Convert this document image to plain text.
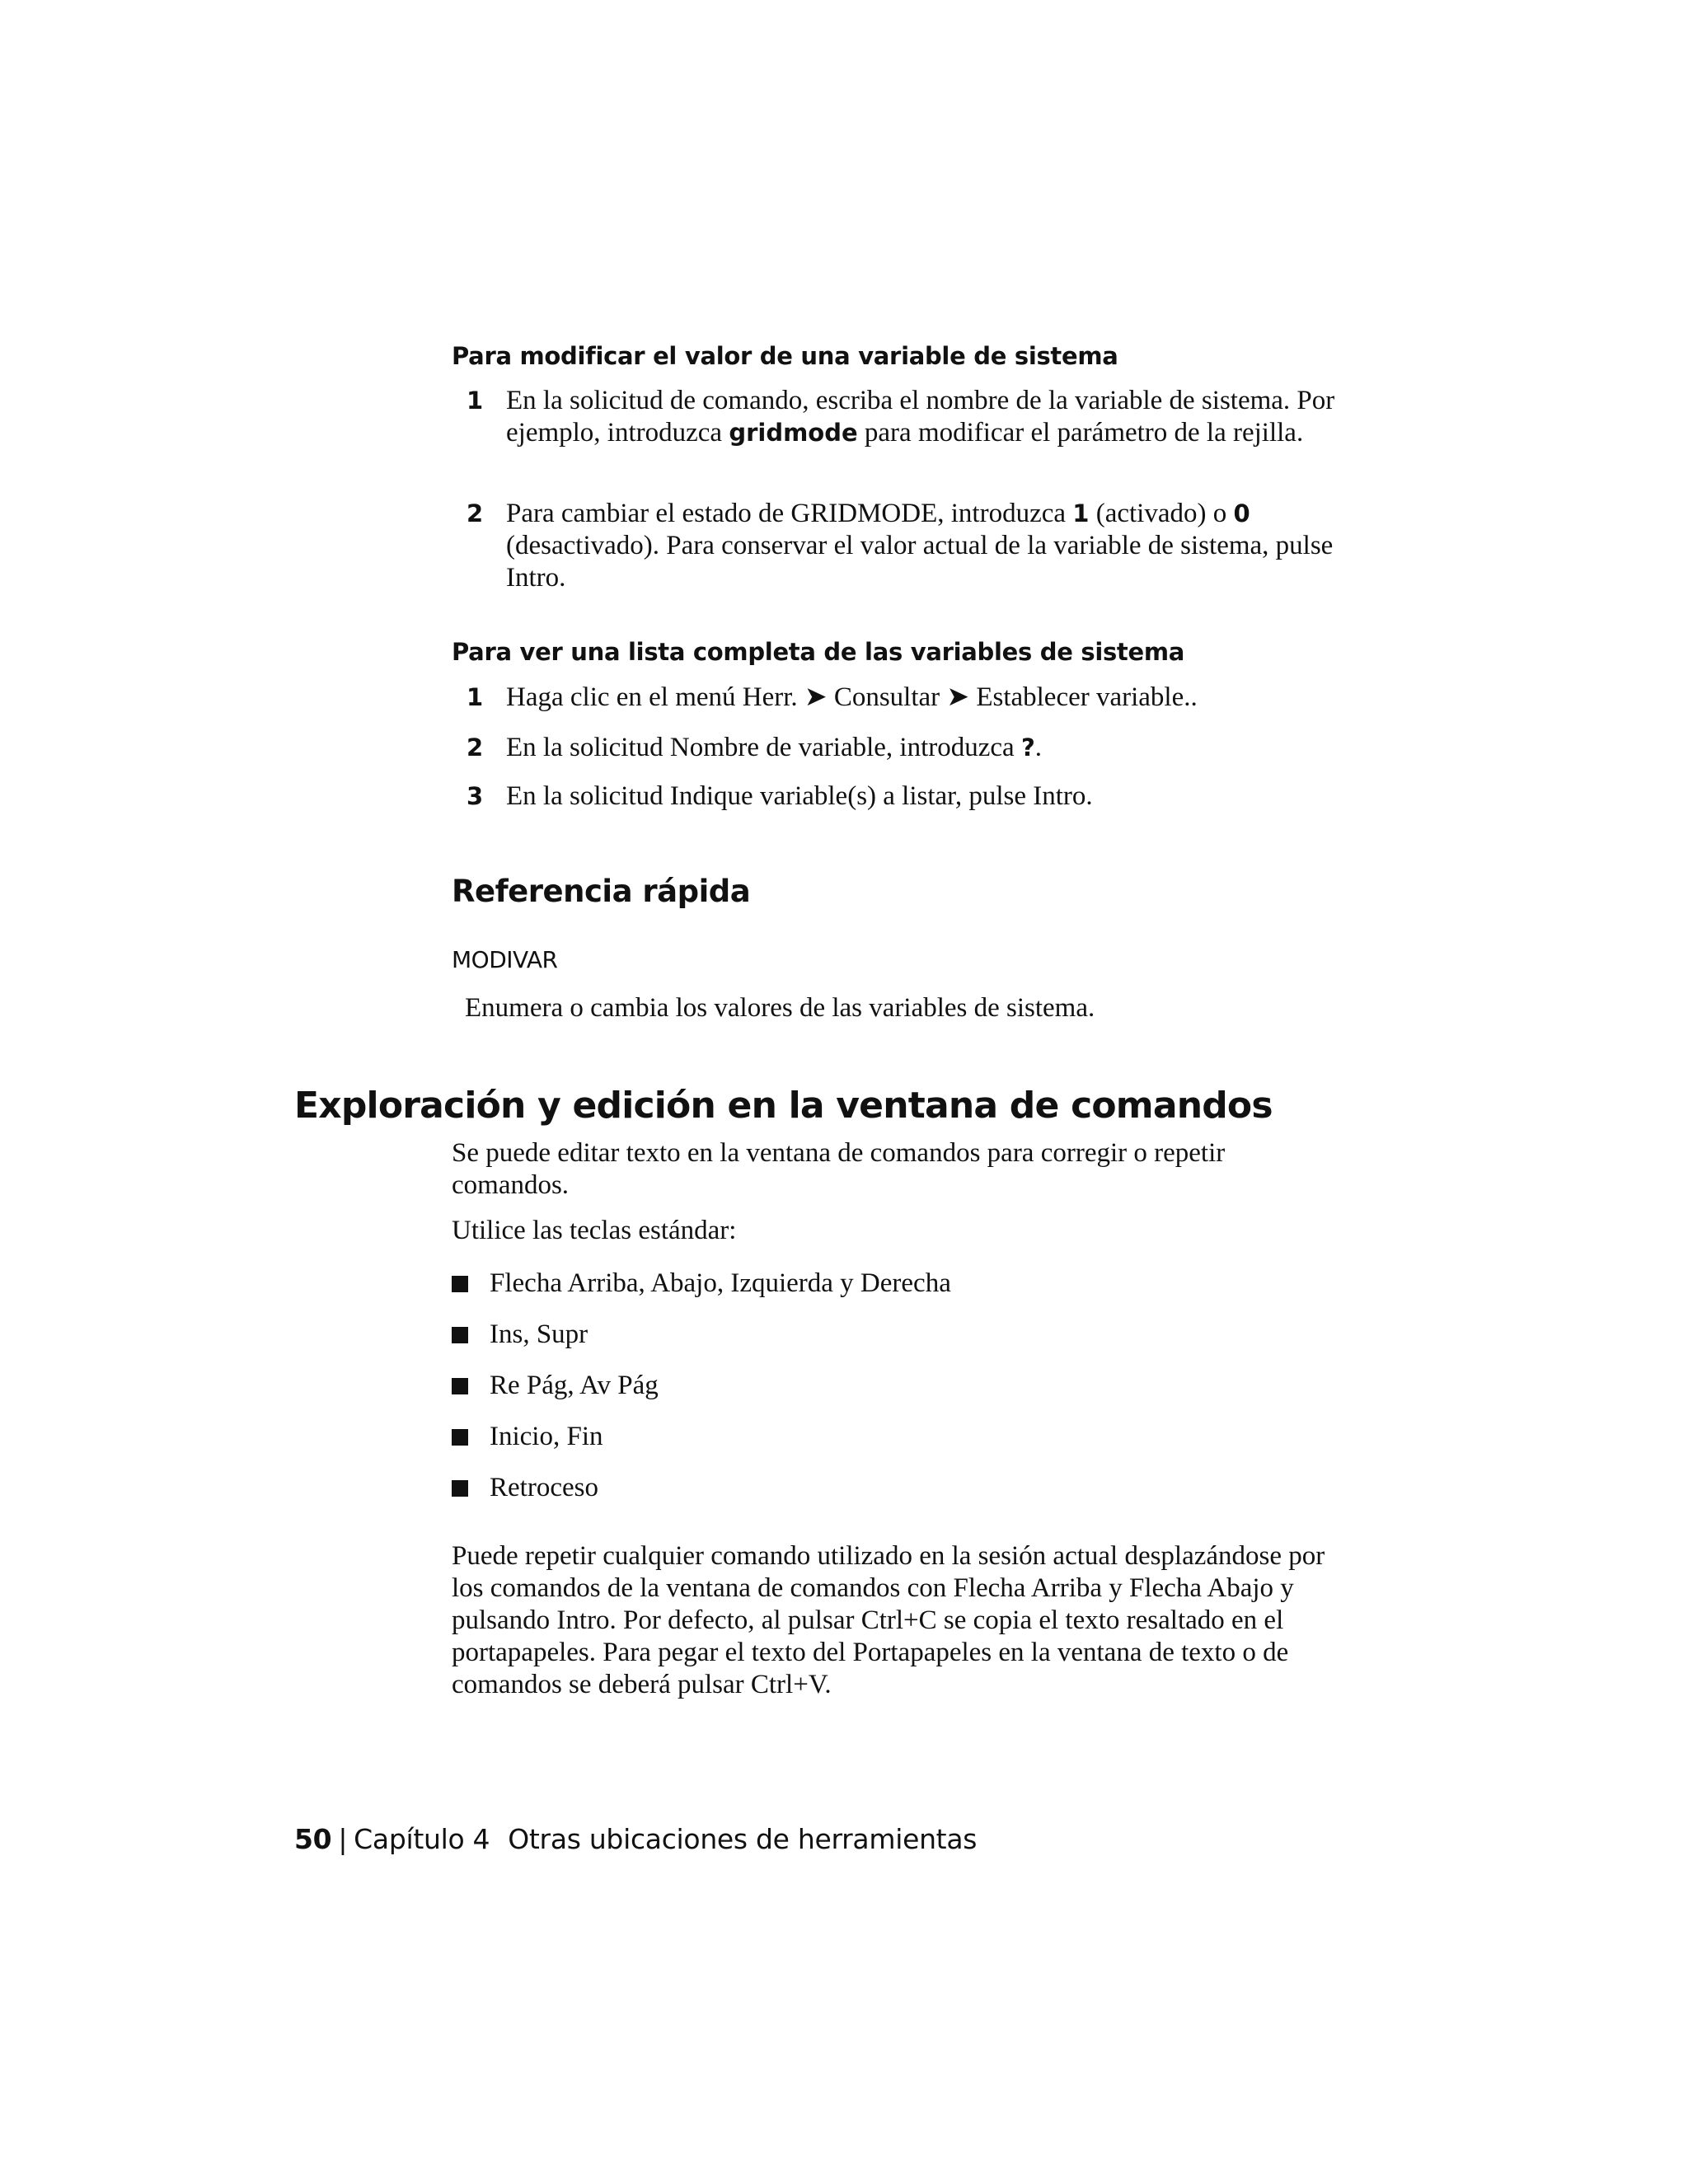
Para modificar el valor de una variable de sistema
1 En la solicitud de comando, escriba el nombre de la variable de sistema. Por ejemplo, introduzca gridmode para modificar el parámetro de la rejilla.
2 Para cambiar el estado de GRIDMODE, introduzca 1 (activado) o 0 (desactivado). Para conservar el valor actual de la variable de sistema, pulse Intro.
Para ver una lista completa de las variables de sistema
1 Haga clic en el menú Herr. ➤ Consultar ➤ Establecer variable..
2 En la solicitud Nombre de variable, introduzca ?.
3 En la solicitud Indique variable(s) a listar, pulse Intro.
Referencia rápida
MODIVAR

Enumera o cambia los valores de las variables de sistema.

Exploración y edición en la ventana de comandos

Se puede editar texto en la ventana de comandos para corregir o repetir comandos.

Utilice las teclas estándar:

Flecha Arriba, Abajo, Izquierda y Derecha
Ins, Supr
Re Pág, Av Pág
Inicio, Fin
Retroceso

Puede repetir cualquier comando utilizado en la sesión actual desplazándose por los comandos de la ventana de comandos con Flecha Arriba y Flecha Abajo y pulsando Intro. Por defecto, al pulsar Ctrl+C se copia el texto resaltado en el portapapeles. Para pegar el texto del Portapapeles en la ventana de texto o de comandos se deberá pulsar Ctrl+V.

50 | Capítulo 4 Otras ubicaciones de herramientas
